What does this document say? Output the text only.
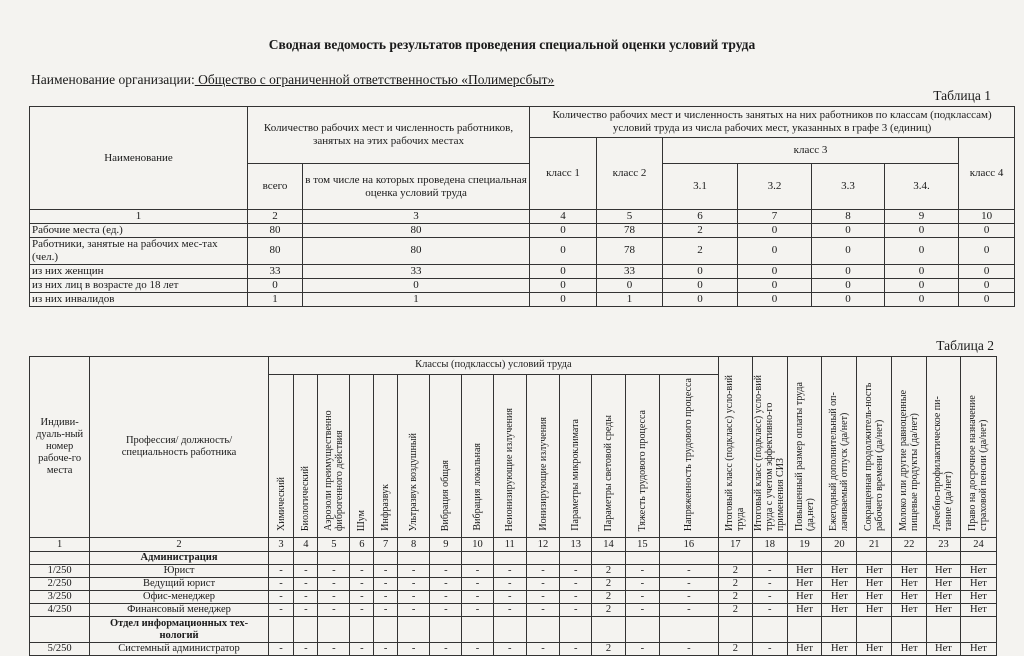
Сводная ведомость результатов проведения специальной оценки условий труда
Наименование организации: Общество с ограниченной ответственностью «Полимерсбыт»
Таблица 1
Наименование	Количество рабочих мест и численность работников, занятых на этих рабочих местах		Количество рабочих мест и численность занятых на них работников по классам (подклассам) условий труда из числа рабочих мест, указанных в графе 3 (единиц)						
			класс 1	класс 2	класс 3				класс 4
	всего	в том числе на которых проведена специальная оценка условий труда			3.1	3.2	3.3	3.4.	
1	2	3	4	5	6	7	8	9	10
Рабочие места (ед.)	80	80	0	78	2	0	0	0	0
Работники, занятые на рабочих мес-тах (чел.)	80	80	0	78	2	0	0	0	0
из них женщин	33	33	0	33	0	0	0	0	0
из них лиц в возрасте до 18 лет	0	0	0	0	0	0	0	0	0
из них инвалидов	1	1	0	1	0	0	0	0	0
Таблица 2
Индиви-дуаль-ный номер рабоче-го места	Профессия/ должность/ специальность работника	Классы (подклассы) условий труда														Итоговый класс (подкласс) усло-вий труда	Итоговый класс (подкласс) усло-вий труда с учетом эффективно-го применения СИЗ	Повышенный размер оплаты труда (да,нет)	Ежегодный дополнительный оп-лачиваемый отпуск (да/нет)	Сокращенная продолжитель-ность рабочего времени (да/нет)	Молоко или другие равноценные пищевые продукты (да/нет)	Лечебно-профилактическое пи-тание (да/нет)	Право на досрочное назначение страховой пенсии (да/нет)
		Химический	Биологический	Аэрозоли преимущественно фиброгенного действия	Шум	Инфразвук	Ультразвук воздушный	Вибрация общая	Вибрация локальная	Неионизирующие излучения	Ионизирующие излучения	Параметры микроклимата	Параметры световой среды	Тяжесть трудового процесса	Напряженность трудового процесса								
1	2	3	4	5	6	7	8	9	10	11	12	13	14	15	16	17	18	19	20	21	22	23	24
	Администрация																						
1/250	Юрист	-	-	-	-	-	-	-	-	-	-	-	2	-	-	2	-	Нет	Нет	Нет	Нет	Нет	Нет
2/250	Ведущий юрист	-	-	-	-	-	-	-	-	-	-	-	2	-	-	2	-	Нет	Нет	Нет	Нет	Нет	Нет
3/250	Офис-менеджер	-	-	-	-	-	-	-	-	-	-	-	2	-	-	2	-	Нет	Нет	Нет	Нет	Нет	Нет
4/250	Финансовый менеджер	-	-	-	-	-	-	-	-	-	-	-	2	-	-	2	-	Нет	Нет	Нет	Нет	Нет	Нет
	Отдел информационных тех-нологий																						
5/250	Системный администратор	-	-	-	-	-	-	-	-	-	-	-	2	-	-	2	-	Нет	Нет	Нет	Нет	Нет	Нет
